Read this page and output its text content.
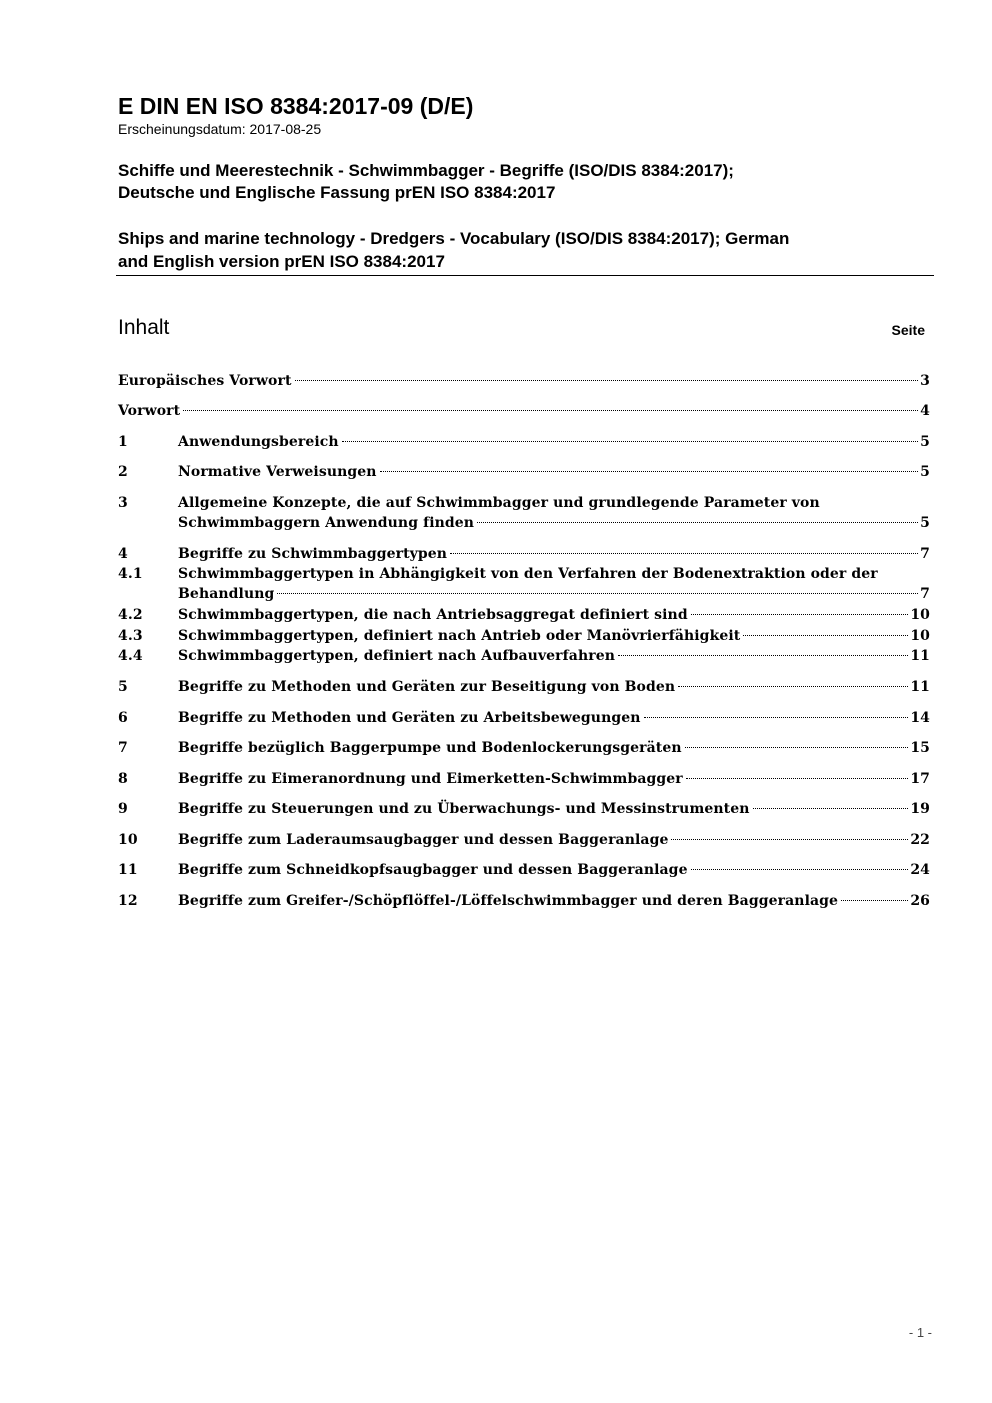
E DIN EN ISO 8384:2017-09 (D/E)
Erscheinungsdatum: 2017-08-25
Schiffe und Meerestechnik - Schwimmbagger - Begriffe (ISO/DIS 8384:2017);
Deutsche und Englische Fassung prEN ISO 8384:2017
Ships and marine technology - Dredgers - Vocabulary (ISO/DIS 8384:2017); German
and English version prEN ISO 8384:2017
Inhalt	Seite
Europäisches Vorwort	3
Vorwort	4
1	Anwendungsbereich	5
2	Normative Verweisungen	5
3	Allgemeine Konzepte, die auf Schwimmbagger und grundlegende Parameter von
Schwimmbaggern Anwendung finden	5
4	Begriffe zu Schwimmbaggertypen	7
4.1	Schwimmbaggertypen in Abhängigkeit von den Verfahren der Bodenextraktion oder der
Behandlung	7
4.2	Schwimmbaggertypen, die nach Antriebsaggregat definiert sind	10
4.3	Schwimmbaggertypen, definiert nach Antrieb oder Manövrierfähigkeit	10
4.4	Schwimmbaggertypen, definiert nach Aufbauverfahren	11
5	Begriffe zu Methoden und Geräten zur Beseitigung von Boden	11
6	Begriffe zu Methoden und Geräten zu Arbeitsbewegungen	14
7	Begriffe bezüglich Baggerpumpe und Bodenlockerungsgeräten	15
8	Begriffe zu Eimeranordnung und Eimerketten-Schwimmbagger	17
9	Begriffe zu Steuerungen und zu Überwachungs- und Messinstrumenten	19
10	Begriffe zum Laderaumsaugbagger und dessen Baggeranlage	22
11	Begriffe zum Schneidkopfsaugbagger und dessen Baggeranlage	24
12	Begriffe zum Greifer-/Schöpflöffel-/Löffelschwimmbagger und deren Baggeranlage	26
- 1 -
